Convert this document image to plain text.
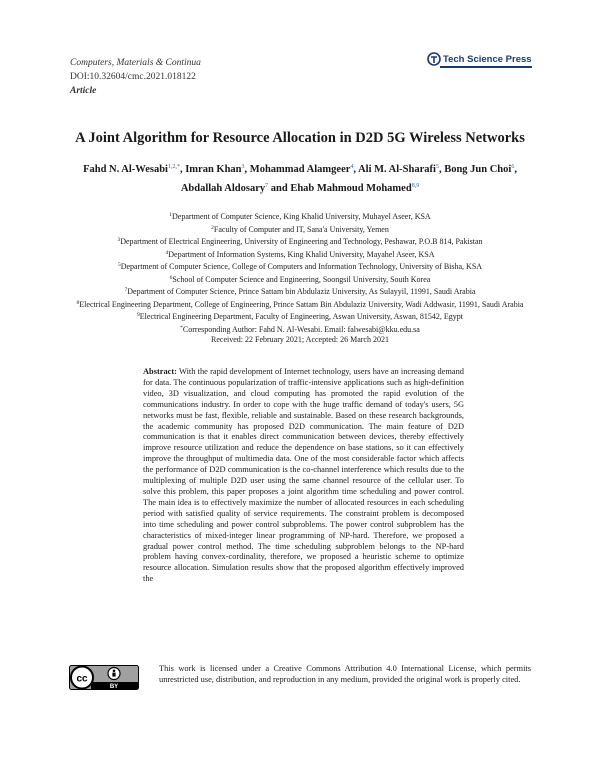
Computers, Materials & Continua
DOI:10.32604/cmc.2021.018122
Article
Tech Science Press
A Joint Algorithm for Resource Allocation in D2D 5G Wireless Networks
Fahd N. Al-Wesabi$^{1,2,*}$, Imran Khan$^3$, Mohammad Alamgeer$^4$, Ali M. Al-Sharafi$^5$, Bong Jun Choi$^6$,
Abdallah Aldosary$^7$ and Ehab Mahmoud Mohamed$^{8,9}$
$^1$Department of Computer Science, King Khalid University, Muhayel Aseer, KSA
$^2$Faculty of Computer and IT, Sana'a University, Yemen
$^3$Department of Electrical Engineering, University of Engineering and Technology, Peshawar, P.O.B 814, Pakistan
$^4$Department of Information Systems, King Khalid University, Mayahel Aseer, KSA
$^5$Department of Computer Science, College of Computers and Information Technology, University of Bisha, KSA
$^6$School of Computer Science and Engineering, Soongsil University, South Korea
$^7$Department of Computer Science, Prince Sattam bin Abdulaziz University, As Sulayyil, 11991, Saudi Arabia
$^8$Electrical Engineering Department, College of Engineering, Prince Sattam Bin Abdulaziz University, Wadi Addwasir, 11991, Saudi Arabia
$^9$Electrical Engineering Department, Faculty of Engineering, Aswan University, Aswan, 81542, Egypt
*Corresponding Author: Fahd N. Al-Wesabi. Email: falwesabi@kku.edu.sa
Received: 22 February 2021; Accepted: 26 March 2021
Abstract: With the rapid development of Internet technology, users have an increasing demand for data. The continuous popularization of traffic-intensive applications such as high-definition video, 3D visualization, and cloud computing has promoted the rapid evolution of the communications industry. In order to cope with the huge traffic demand of today's users, 5G networks must be fast, flexible, reliable and sustainable. Based on these research backgrounds, the academic community has proposed D2D communication. The main feature of D2D communication is that it enables direct communication between devices, thereby effectively improve resource utilization and reduce the dependence on base stations, so it can effectively improve the throughput of multimedia data. One of the most considerable factor which affects the performance of D2D communication is the co-channel interference which results due to the multiplexing of multiple D2D user using the same channel resource of the cellular user. To solve this problem, this paper proposes a joint algorithm time scheduling and power control. The main idea is to effectively maximize the number of allocated resources in each scheduling period with satisfied quality of service requirements. The constraint problem is decomposed into time scheduling and power control subproblems. The power control subproblem has the characteristics of mixed-integer linear programming of NP-hard. Therefore, we proposed a gradual power control method. The time scheduling subproblem belongs to the NP-hard problem having convex-cordinality, therefore, we proposed a heuristic scheme to optimize resource allocation. Simulation results show that the proposed algorithm effectively improved the
cc
BY
This work is licensed under a Creative Commons Attribution 4.0 International License, which permits unrestricted use, distribution, and reproduction in any medium, provided the original work is properly cited.
